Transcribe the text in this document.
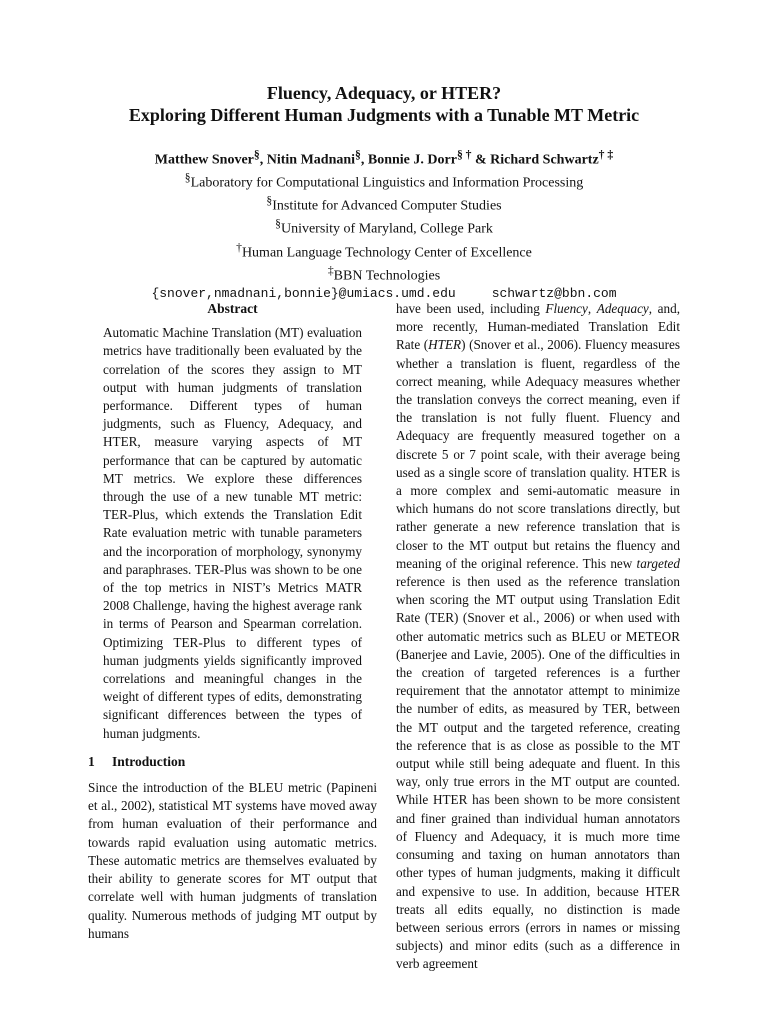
Fluency, Adequacy, or HTER?
Exploring Different Human Judgments with a Tunable MT Metric
Matthew Snover§, Nitin Madnani§, Bonnie J. Dorr§ † & Richard Schwartz† ‡
§Laboratory for Computational Linguistics and Information Processing
§Institute for Advanced Computer Studies
§University of Maryland, College Park
†Human Language Technology Center of Excellence
‡BBN Technologies
{snover,nmadnani,bonnie}@umiacs.umd.edu	schwartz@bbn.com
Abstract

Automatic Machine Translation (MT) evaluation metrics have traditionally been evaluated by the correlation of the scores they assign to MT output with human judgments of translation performance. Different types of human judgments, such as Fluency, Adequacy, and HTER, measure varying aspects of MT performance that can be captured by automatic MT metrics. We explore these differences through the use of a new tunable MT metric: TER-Plus, which extends the Translation Edit Rate evaluation metric with tunable parameters and the incorporation of morphology, synonymy and paraphrases. TER-Plus was shown to be one of the top metrics in NIST’s Metrics MATR 2008 Challenge, having the highest average rank in terms of Pearson and Spearman correlation. Optimizing TER-Plus to different types of human judgments yields significantly improved correlations and meaningful changes in the weight of different types of edits, demonstrating significant differences between the types of human judgments.

1 Introduction

Since the introduction of the BLEU metric (Papineni et al., 2002), statistical MT systems have moved away from human evaluation of their performance and towards rapid evaluation using automatic metrics. These automatic metrics are themselves evaluated by their ability to generate scores for MT output that correlate well with human judgments of translation quality. Numerous methods of judging MT output by humans

have been used, including Fluency, Adequacy, and, more recently, Human-mediated Translation Edit Rate (HTER) (Snover et al., 2006). Fluency measures whether a translation is fluent, regardless of the correct meaning, while Adequacy measures whether the translation conveys the correct meaning, even if the translation is not fully fluent. Fluency and Adequacy are frequently measured together on a discrete 5 or 7 point scale, with their average being used as a single score of translation quality. HTER is a more complex and semi-automatic measure in which humans do not score translations directly, but rather generate a new reference translation that is closer to the MT output but retains the fluency and meaning of the original reference. This new targeted reference is then used as the reference translation when scoring the MT output using Translation Edit Rate (TER) (Snover et al., 2006) or when used with other automatic metrics such as BLEU or METEOR (Banerjee and Lavie, 2005). One of the difficulties in the creation of targeted references is a further requirement that the annotator attempt to minimize the number of edits, as measured by TER, between the MT output and the targeted reference, creating the reference that is as close as possible to the MT output while still being adequate and fluent. In this way, only true errors in the MT output are counted. While HTER has been shown to be more consistent and finer grained than individual human annotators of Fluency and Adequacy, it is much more time consuming and taxing on human annotators than other types of human judgments, making it difficult and expensive to use. In addition, because HTER treats all edits equally, no distinction is made between serious errors (errors in names or missing subjects) and minor edits (such as a difference in verb agreement
